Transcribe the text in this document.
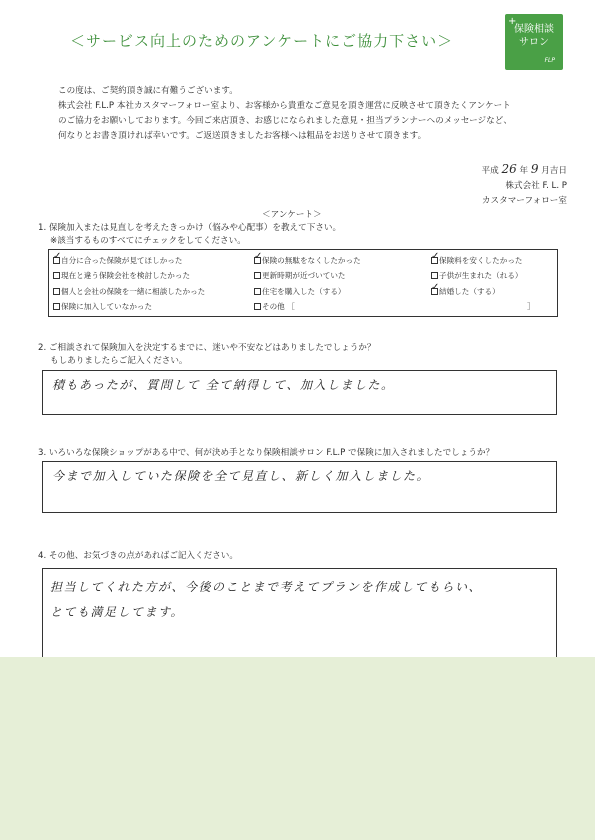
＜サービス向上のためのアンケートにご協力下さい＞
+
保険相談
サロン
FLP
この度は、ご契約頂き誠に有難うございます。
株式会社 F.L.P 本社カスタマーフォロー室より、お客様から貴重なご意見を頂き運営に反映させて頂きたくアンケート
のご協力をお願いしております。今回ご来店頂き、お感じになられました意見・担当プランナーへのメッセージなど、
何なりとお書き頂ければ幸いです。ご返送頂きましたお客様へは粗品をお送りさせて頂きます。
平成 26 年 9 月吉日
株式会社 F. L. P
カスタマーフォロー室
＜アンケート＞
1. 保険加入または見直しを考えたきっかけ（悩みや心配事）を教えて下さい。
※該当するものすべてにチェックをしてください。
✓ 自分に合った保険が見てほしかった	✓ 保険の無駄をなくしたかった	✓ 保険料を安くしたかった
現在と違う保険会社を検討したかった	更新時期が近づいていた	子供が生まれた（れる）
個人と会社の保険を一緒に相談したかった	住宅を購入した（する）	✓ 結婚した（する）
保険に加入していなかった	その他 ［	］
2. ご相談されて保険加入を決定するまでに、迷いや不安などはありましたでしょうか？
もしありましたらご記入ください。
積もあったが、質問して 全て納得して、加入しました。
3. いろいろな保険ショップがある中で、何が決め手となり保険相談サロン F.L.P で保険に加入されましたでしょうか？
今まで加入していた保険を全て見直し、新しく加入しました。
4. その他、お気づきの点があればご記入ください。
担当してくれた方が、今後のことまで考えてプランを作成してもらい、
とても満足してます。
